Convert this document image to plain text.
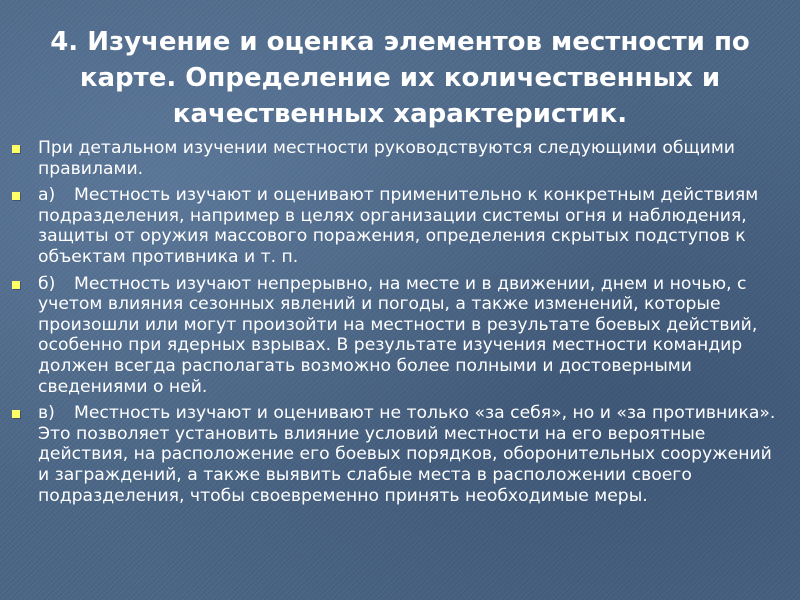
4. Изучение и оценка элементов местности по карте. Определение их количественных и качественных характеристик.
При детальном изучении местности руководствуются следующими общими правилами.
а) Местность изучают и оценивают применительно к конкретным действиям подразделения, например в целях организации системы огня и наблюдения, защиты от оружия массового поражения, определения скрытых подступов к объектам противника и т. п.
б) Местность изучают непрерывно, на месте и в движении, днем и ночью, с учетом влияния сезонных явлений и погоды, а также изменений, которые произошли или могут произойти на местности в результате боевых действий, особенно при ядерных взрывах. В результате изучения местности командир должен всегда располагать возможно более полными и достоверными сведениями о ней.
в) Местность изучают и оценивают не только «за себя», но и «за противника». Это позволяет установить влияние условий местности на его вероятные действия, на расположение его боевых порядков, оборонительных сооружений и заграждений, а также выявить слабые места в расположении своего подразделения, чтобы своевременно принять необходимые меры.
